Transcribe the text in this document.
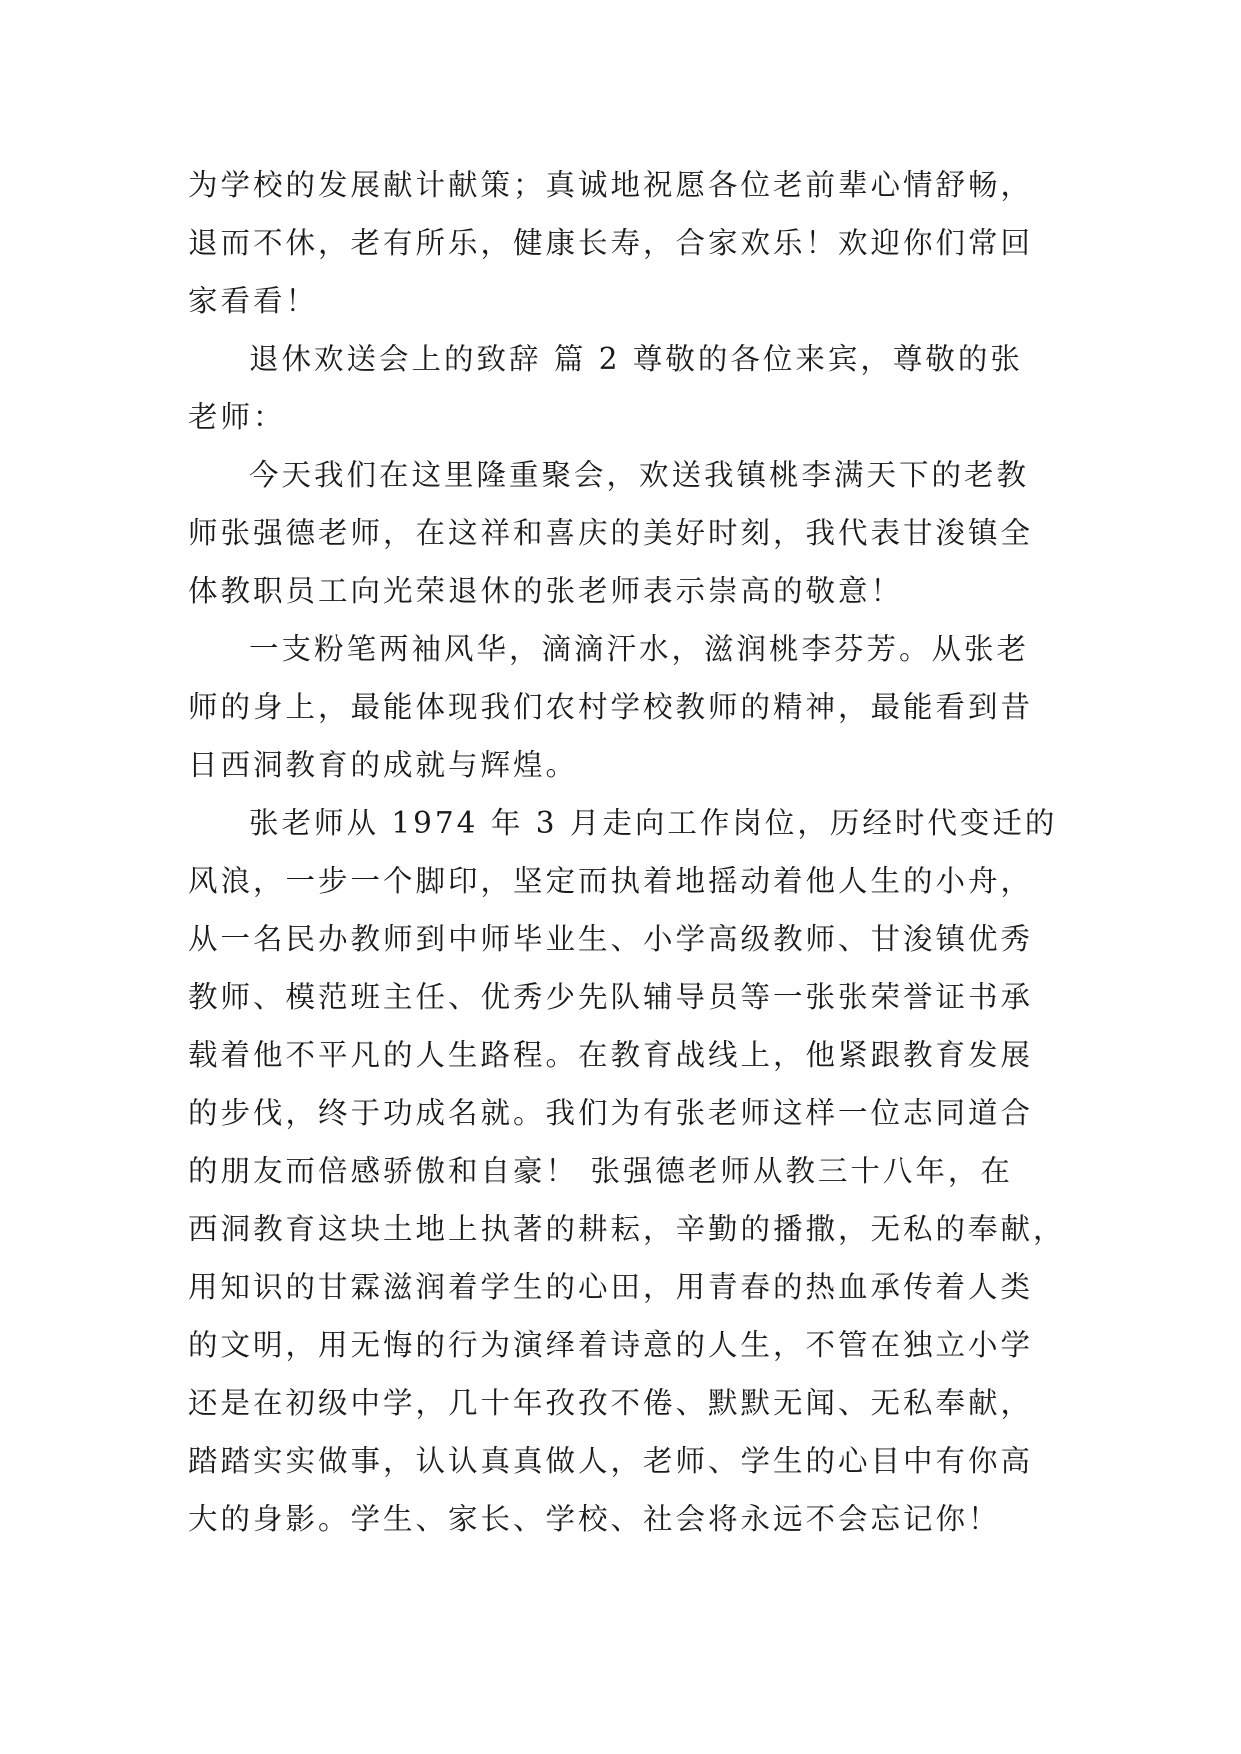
为学校的发展献计献策；真诚地祝愿各位老前辈心情舒畅，
退而不休，老有所乐，健康长寿，合家欢乐！欢迎你们常回
家看看！
退休欢送会上的致辞 篇 2 尊敬的各位来宾，尊敬的张
老师：
今天我们在这里隆重聚会，欢送我镇桃李满天下的老教
师张强德老师，在这祥和喜庆的美好时刻，我代表甘浚镇全
体教职员工向光荣退休的张老师表示崇高的敬意！
一支粉笔两袖风华，滴滴汗水，滋润桃李芬芳。从张老
师的身上，最能体现我们农村学校教师的精神，最能看到昔
日西洞教育的成就与辉煌。
张老师从 1974 年 3 月走向工作岗位，历经时代变迁的
风浪，一步一个脚印，坚定而执着地摇动着他人生的小舟，
从一名民办教师到中师毕业生、小学高级教师、甘浚镇优秀
教师、模范班主任、优秀少先队辅导员等一张张荣誉证书承
载着他不平凡的人生路程。在教育战线上，他紧跟教育发展
的步伐，终于功成名就。我们为有张老师这样一位志同道合
的朋友而倍感骄傲和自豪！ 张强德老师从教三十八年，在
西洞教育这块土地上执著的耕耘，辛勤的播撒，无私的奉献，
用知识的甘霖滋润着学生的心田，用青春的热血承传着人类
的文明，用无悔的行为演绎着诗意的人生，不管在独立小学
还是在初级中学，几十年孜孜不倦、默默无闻、无私奉献，
踏踏实实做事，认认真真做人，老师、学生的心目中有你高
大的身影。学生、家长、学校、社会将永远不会忘记你！
